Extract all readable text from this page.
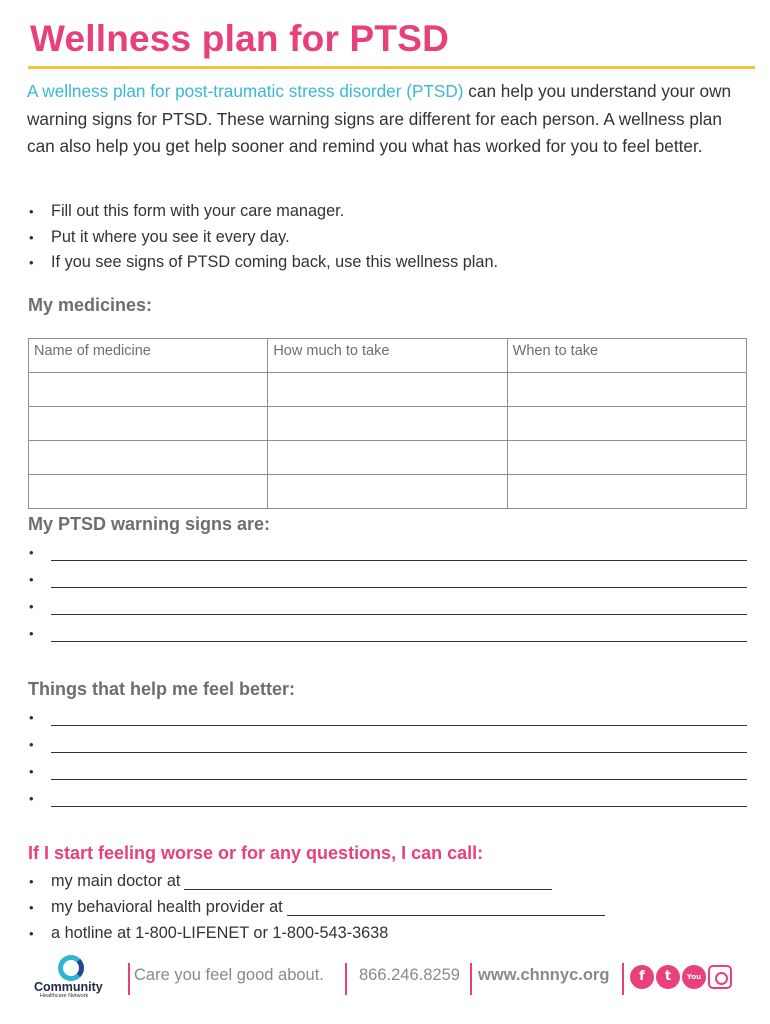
Wellness plan for PTSD

A wellness plan for post-traumatic stress disorder (PTSD) can help you understand your own warning signs for PTSD. These warning signs are different for each person. A wellness plan can also help you get help sooner and remind you what has worked for you to feel better.

• Fill out this form with your care manager.
• Put it where you see it every day.
• If you see signs of PTSD coming back, use this wellness plan.
My medicines:
Name of medicine	How much to take	When to take

My PTSD warning signs are:
•
•
•
•
Things that help me feel better:
•
•
•
•
If I start feeling worse or for any questions, I can call:
• my main doctor at
• my behavioral health provider at
• a hotline at 1-800-LIFENET or 1-800-543-3638
Community
Healthcare Network
Care you feel good about. 866.246.8259 www.chnnyc.org	f	t	You Tube
